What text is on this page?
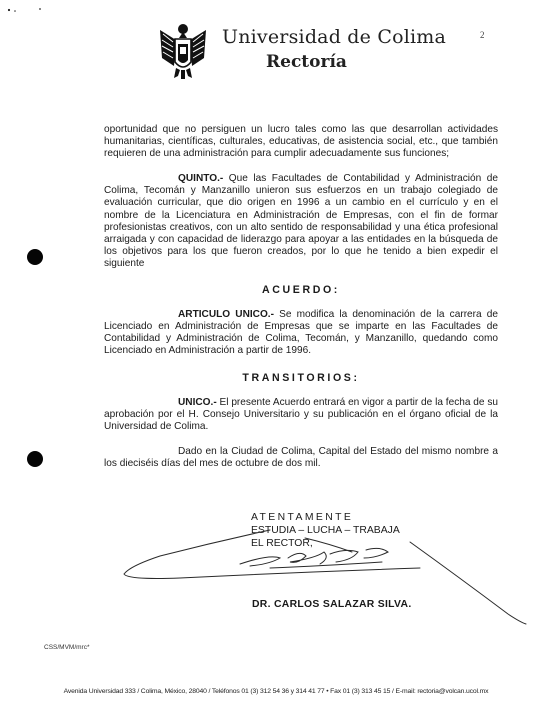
Universidad de Colima
Rectoría
2

oportunidad que no persiguen un lucro tales como las que desarrollan actividades humanitarias, científicas, culturales, educativas, de asistencia social, etc., que también requieren de una administración para cumplir adecuadamente sus funciones;

QUINTO.- Que las Facultades de Contabilidad y Administración de Colima, Tecomán y Manzanillo unieron sus esfuerzos en un trabajo colegiado de evaluación curricular, que dio origen en 1996 a un cambio en el currículo y en el nombre de la Licenciatura en Administración de Empresas, con el fin de formar profesionistas creativos, con un alto sentido de responsabilidad y una ética profesional arraigada y con capacidad de liderazgo para apoyar a las entidades en la búsqueda de los objetivos para los que fueron creados, por lo que he tenido a bien expedir el siguiente

ACUERDO:

ARTICULO UNICO.- Se modifica la denominación de la carrera de Licenciado en Administración de Empresas que se imparte en las Facultades de Contabilidad y Administración de Colima, Tecomán, y Manzanillo, quedando como Licenciado en Administración a partir de 1996.

TRANSITORIOS:

UNICO.- El presente Acuerdo entrará en vigor a partir de la fecha de su aprobación por el H. Consejo Universitario y su publicación en el órgano oficial de la Universidad de Colima.

Dado en la Ciudad de Colima, Capital del Estado del mismo nombre a los dieciséis días del mes de octubre de dos mil.

ATENTAMENTE
ESTUDIA – LUCHA – TRABAJA
EL RECTOR,
DR. CARLOS SALAZAR SILVA.
CSS/MVM/mrc*
Avenida Universidad 333 / Colima, México, 28040 / Teléfonos 01 (3) 312 54 36 y 314 41 77 • Fax 01 (3) 313 45 15 / E-mail: rectoria@volcan.ucol.mx
